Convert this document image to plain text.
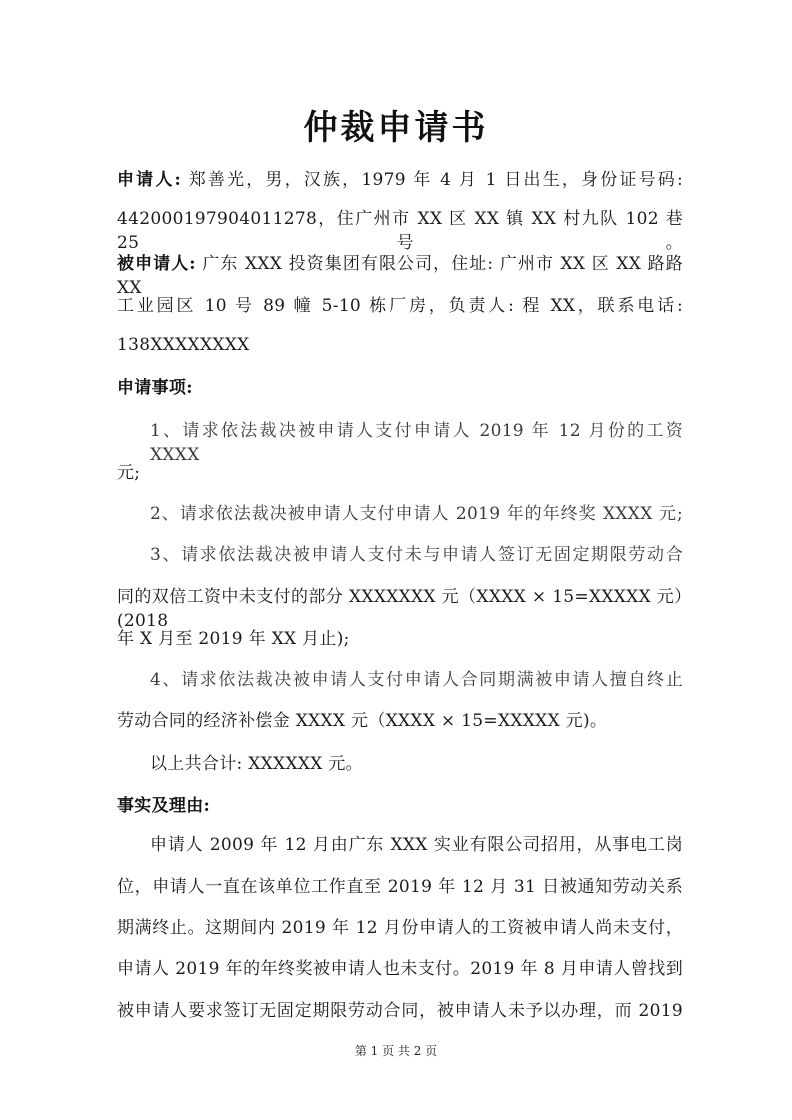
仲裁申请书
申请人: 郑善光，男，汉族，1979 年 4 月 1 日出生，身份证号码:
442000197904011278，住广州市 XX 区 XX 镇 XX 村九队 102 巷 25 号。
被申请人: 广东 XXX 投资集团有限公司，住址: 广州市 XX 区 XX 路路 XX
工业园区 10 号 89 幢 5-10 栋厂房，负责人: 程 XX，联系电话:
138XXXXXXXX
申请事项:
1、请求依法裁决被申请人支付申请人 2019 年 12 月份的工资 XXXX
元;
2、请求依法裁决被申请人支付申请人 2019 年的年终奖 XXXX 元;
3、请求依法裁决被申请人支付未与申请人签订无固定期限劳动合
同的双倍工资中未支付的部分 XXXXXXX 元（XXXX × 15=XXXXX 元）(2018
年 X 月至 2019 年 XX 月止);
4、请求依法裁决被申请人支付申请人合同期满被申请人擅自终止
劳动合同的经济补偿金 XXXX 元（XXXX × 15=XXXXX 元)。
以上共合计: XXXXXX 元。
事实及理由:
申请人 2009 年 12 月由广东 XXX 实业有限公司招用，从事电工岗
位，申请人一直在该单位工作直至 2019 年 12 月 31 日被通知劳动关系
期满终止。这期间内 2019 年 12 月份申请人的工资被申请人尚未支付，
申请人 2019 年的年终奖被申请人也未支付。2019 年 8 月申请人曾找到
被申请人要求签订无固定期限劳动合同，被申请人未予以办理，而 2019
第 1 页 共 2 页
